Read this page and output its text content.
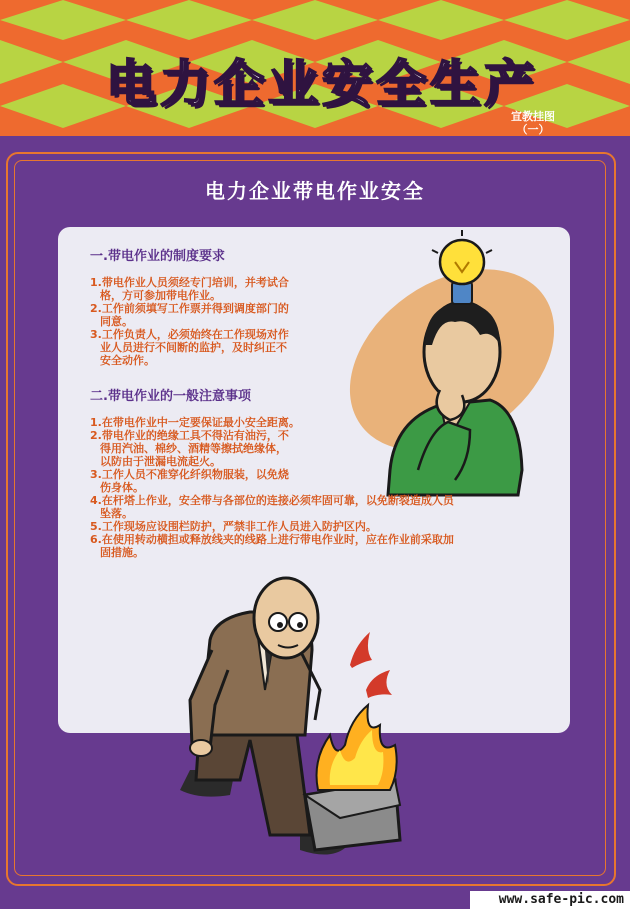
电力企业安全生产
宣教挂图
（一）
电力企业带电作业安全
一.带电作业的制度要求
1.带电作业人员须经专门培训，并考试合
格，方可参加带电作业。
2.工作前须填写工作票并得到调度部门的
同意。
3.工作负责人，必须始终在工作现场对作
业人员进行不间断的监护，及时纠正不
安全动作。
二.带电作业的一般注意事项
1.在带电作业中一定要保证最小安全距离。
2.带电作业的绝缘工具不得沾有油污，不
得用汽油、棉纱、酒精等擦拭绝缘体，
以防由于泄漏电流起火。
3.工作人员不准穿化纤织物服装，以免烧
伤身体。
4.在杆塔上作业，安全带与各部位的连接必须牢固可靠，以免断裂造成人员
坠落。
5.工作现场应设围栏防护，严禁非工作人员进入防护区内。
6.在使用转动横担或释放线夹的线路上进行带电作业时，应在作业前采取加
固措施。
www.safe-pic.com
